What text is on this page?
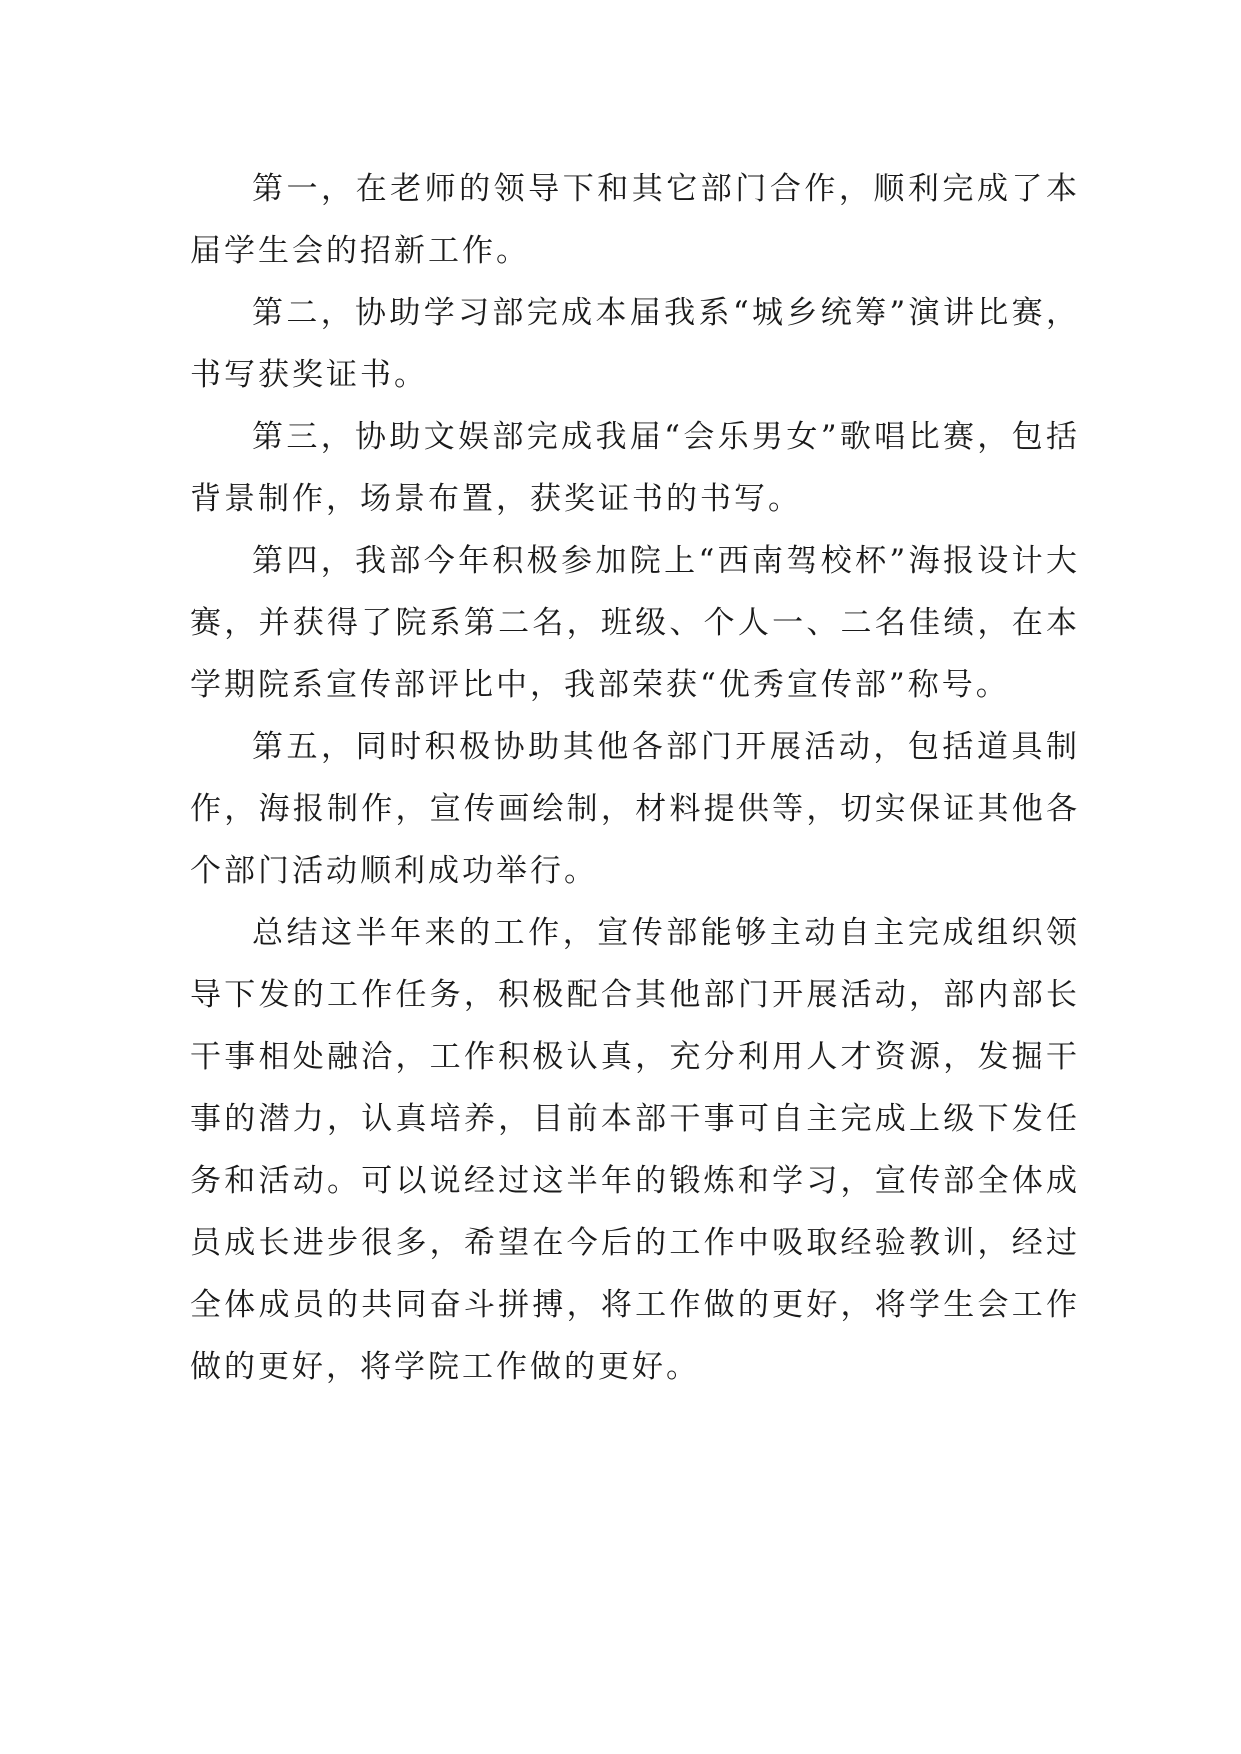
第一，在老师的领导下和其它部门合作，顺利完成了本届学生会的招新工作。

第二，协助学习部完成本届我系“城乡统筹”演讲比赛，书写获奖证书。

第三，协助文娱部完成我届“会乐男女”歌唱比赛，包括背景制作，场景布置，获奖证书的书写。

第四，我部今年积极参加院上“西南驾校杯”海报设计大赛，并获得了院系第二名，班级、个人一、二名佳绩，在本学期院系宣传部评比中，我部荣获“优秀宣传部”称号。

第五，同时积极协助其他各部门开展活动，包括道具制作，海报制作，宣传画绘制，材料提供等，切实保证其他各个部门活动顺利成功举行。

总结这半年来的工作，宣传部能够主动自主完成组织领导下发的工作任务，积极配合其他部门开展活动，部内部长干事相处融洽，工作积极认真，充分利用人才资源，发掘干事的潜力，认真培养，目前本部干事可自主完成上级下发任务和活动。可以说经过这半年的锻炼和学习，宣传部全体成员成长进步很多，希望在今后的工作中吸取经验教训，经过全体成员的共同奋斗拼搏，将工作做的更好，将学生会工作做的更好，将学院工作做的更好。
